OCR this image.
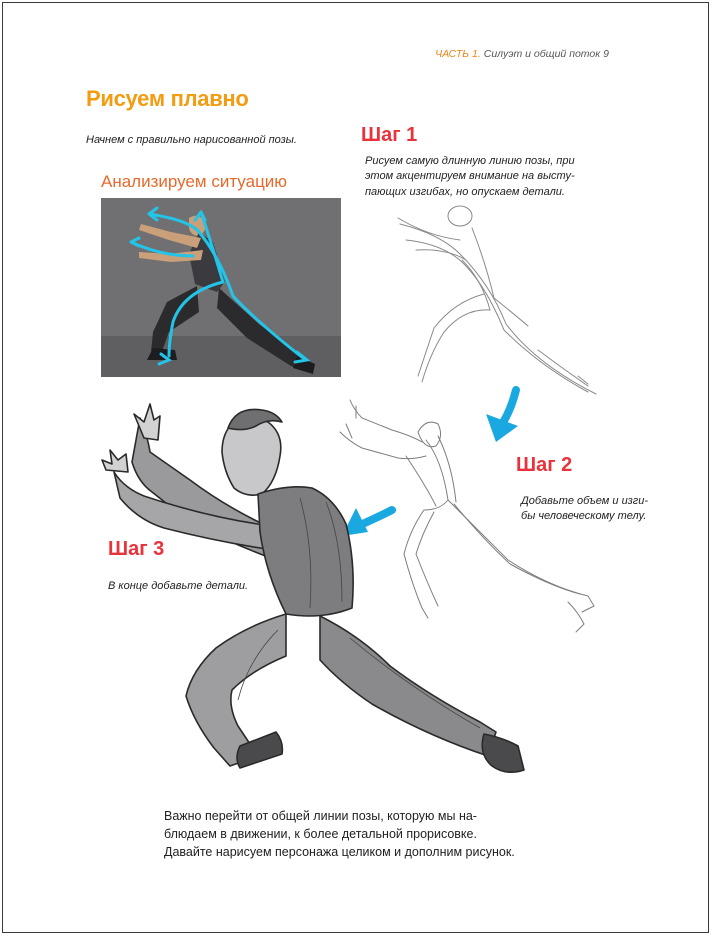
ЧАСТЬ 1. Силуэт и общий поток 9
Рисуем плавно
Начнем с правильно нарисованной позы.
Анализируем ситуацию
Шаг 1
Рисуем самую длинную линию позы, при
этом акцентируем внимание на высту-
пающих изгибах, но опускаем детали.
Шаг 2
Добавьте объем и изги-
бы человеческому телу.
Шаг 3
В конце добавьте детали.
Важно перейти от общей линии позы, которую мы на-
блюдаем в движении, к более детальной прорисовке.
Давайте нарисуем персонажа целиком и дополним рисунок.
